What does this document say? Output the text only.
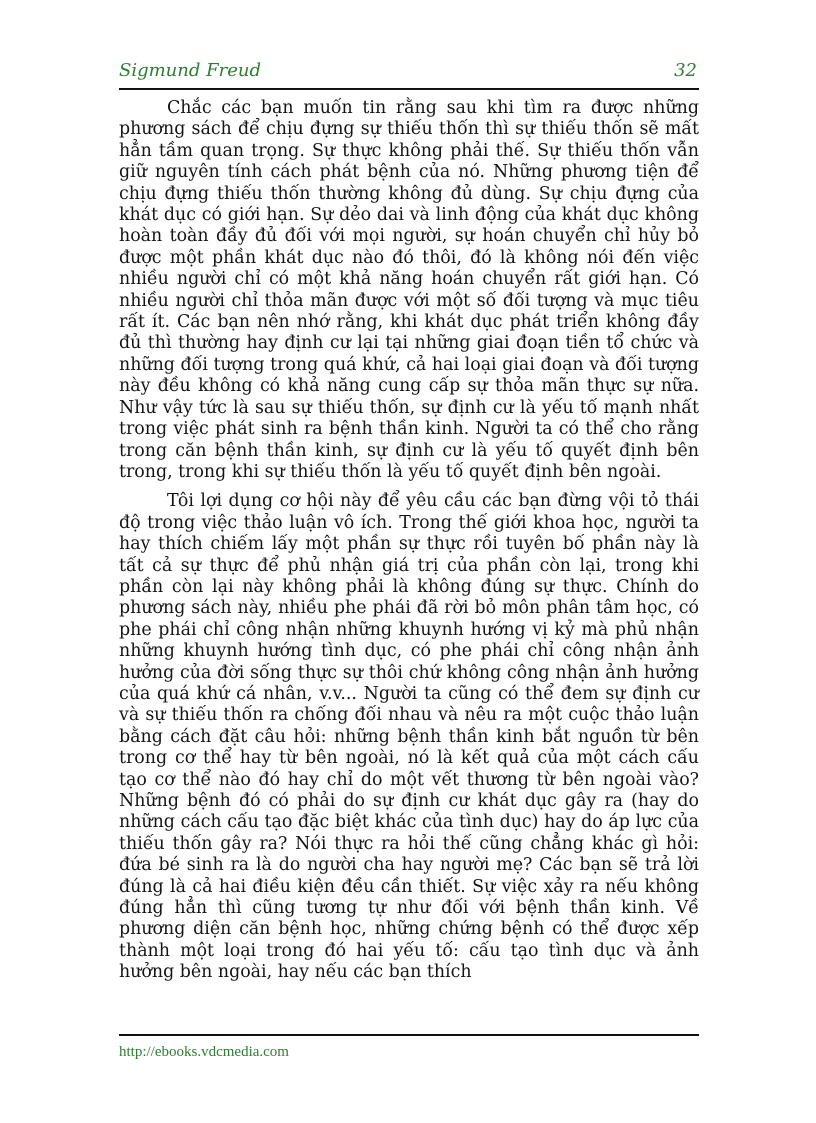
Sigmund Freud	32

Chắc các bạn muốn tin rằng sau khi tìm ra được những phương sách để chịu đựng sự thiếu thốn thì sự thiếu thốn sẽ mất hẳn tầm quan trọng. Sự thực không phải thế. Sự thiếu thốn vẫn giữ nguyên tính cách phát bệnh của nó. Những phương tiện để chịu đựng thiếu thốn thường không đủ dùng. Sự chịu đựng của khát dục có giới hạn. Sự dẻo dai và linh động của khát dục không hoàn toàn đầy đủ đối với mọi người, sự hoán chuyển chỉ hủy bỏ được một phần khát dục nào đó thôi, đó là không nói đến việc nhiều người chỉ có một khả năng hoán chuyển rất giới hạn. Có nhiều người chỉ thỏa mãn được với một số đối tượng và mục tiêu rất ít. Các bạn nên nhớ rằng, khi khát dục phát triển không đầy đủ thì thường hay định cư lại tại những giai đoạn tiền tổ chức và những đối tượng trong quá khứ, cả hai loại giai đoạn và đối tượng này đều không có khả năng cung cấp sự thỏa mãn thực sự nữa. Như vậy tức là sau sự thiếu thốn, sự định cư là yếu tố mạnh nhất trong việc phát sinh ra bệnh thần kinh. Người ta có thể cho rằng trong căn bệnh thần kinh, sự định cư là yếu tố quyết định bên trong, trong khi sự thiếu thốn là yếu tố quyết định bên ngoài.

Tôi lợi dụng cơ hội này để yêu cầu các bạn đừng vội tỏ thái độ trong việc thảo luận vô ích. Trong thế giới khoa học, người ta hay thích chiếm lấy một phần sự thực rồi tuyên bố phần này là tất cả sự thực để phủ nhận giá trị của phần còn lại, trong khi phần còn lại này không phải là không đúng sự thực. Chính do phương sách này, nhiều phe phái đã rời bỏ môn phân tâm học, có phe phái chỉ công nhận những khuynh hướng vị kỷ mà phủ nhận những khuynh hướng tình dục, có phe phái chỉ công nhận ảnh hưởng của đời sống thực sự thôi chứ không công nhận ảnh hưởng của quá khứ cá nhân, v.v... Người ta cũng có thể đem sự định cư và sự thiếu thốn ra chống đối nhau và nêu ra một cuộc thảo luận bằng cách đặt câu hỏi: những bệnh thần kinh bắt nguồn từ bên trong cơ thể hay từ bên ngoài, nó là kết quả của một cách cấu tạo cơ thể nào đó hay chỉ do một vết thương từ bên ngoài vào? Những bệnh đó có phải do sự định cư khát dục gây ra (hay do những cách cấu tạo đặc biệt khác của tình dục) hay do áp lực của thiếu thốn gây ra? Nói thực ra hỏi thế cũng chẳng khác gì hỏi: đứa bé sinh ra là do người cha hay người mẹ? Các bạn sẽ trả lời đúng là cả hai điều kiện đều cần thiết. Sự việc xảy ra nếu không đúng hẳn thì cũng tương tự như đối với bệnh thần kinh. Về phương diện căn bệnh học, những chứng bệnh có thể được xếp thành một loại trong đó hai yếu tố: cấu tạo tình dục và ảnh hưởng bên ngoài, hay nếu các bạn thích

http://ebooks.vdcmedia.com
